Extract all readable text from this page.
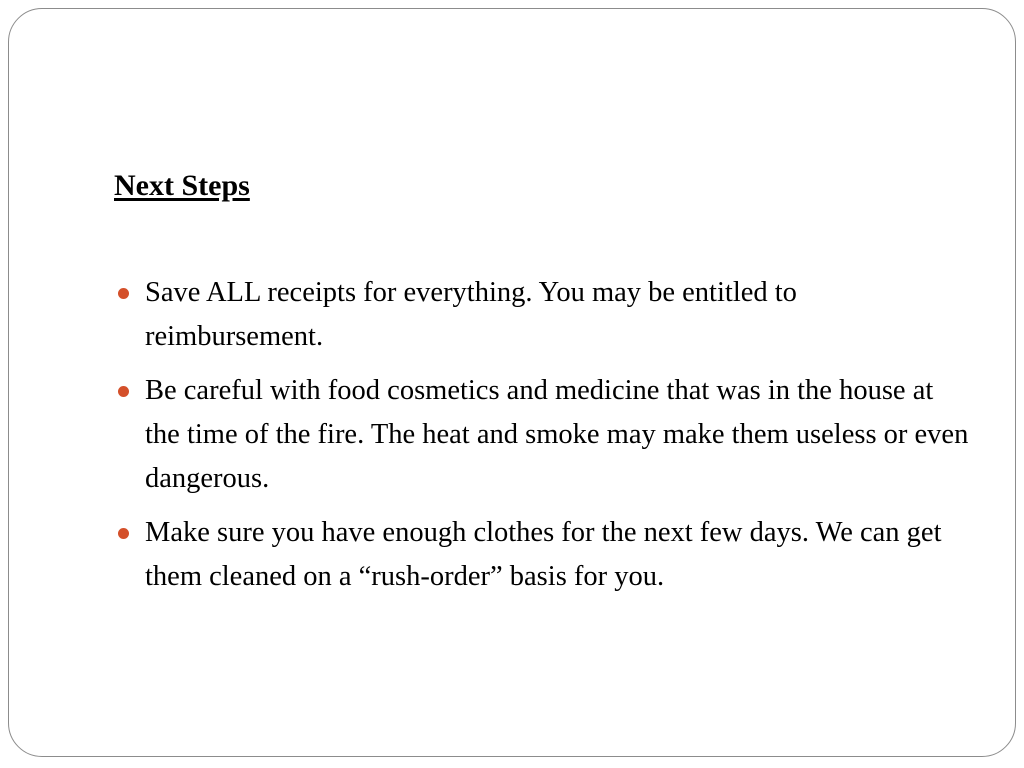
Next Steps
Save ALL receipts for everything. You may be entitled to reimbursement.
Be careful with food cosmetics and medicine that was in the house at the time of the fire. The heat and smoke may make them useless or even dangerous.
Make sure you have enough clothes for the next few days. We can get them cleaned on a “rush-order” basis for you.
